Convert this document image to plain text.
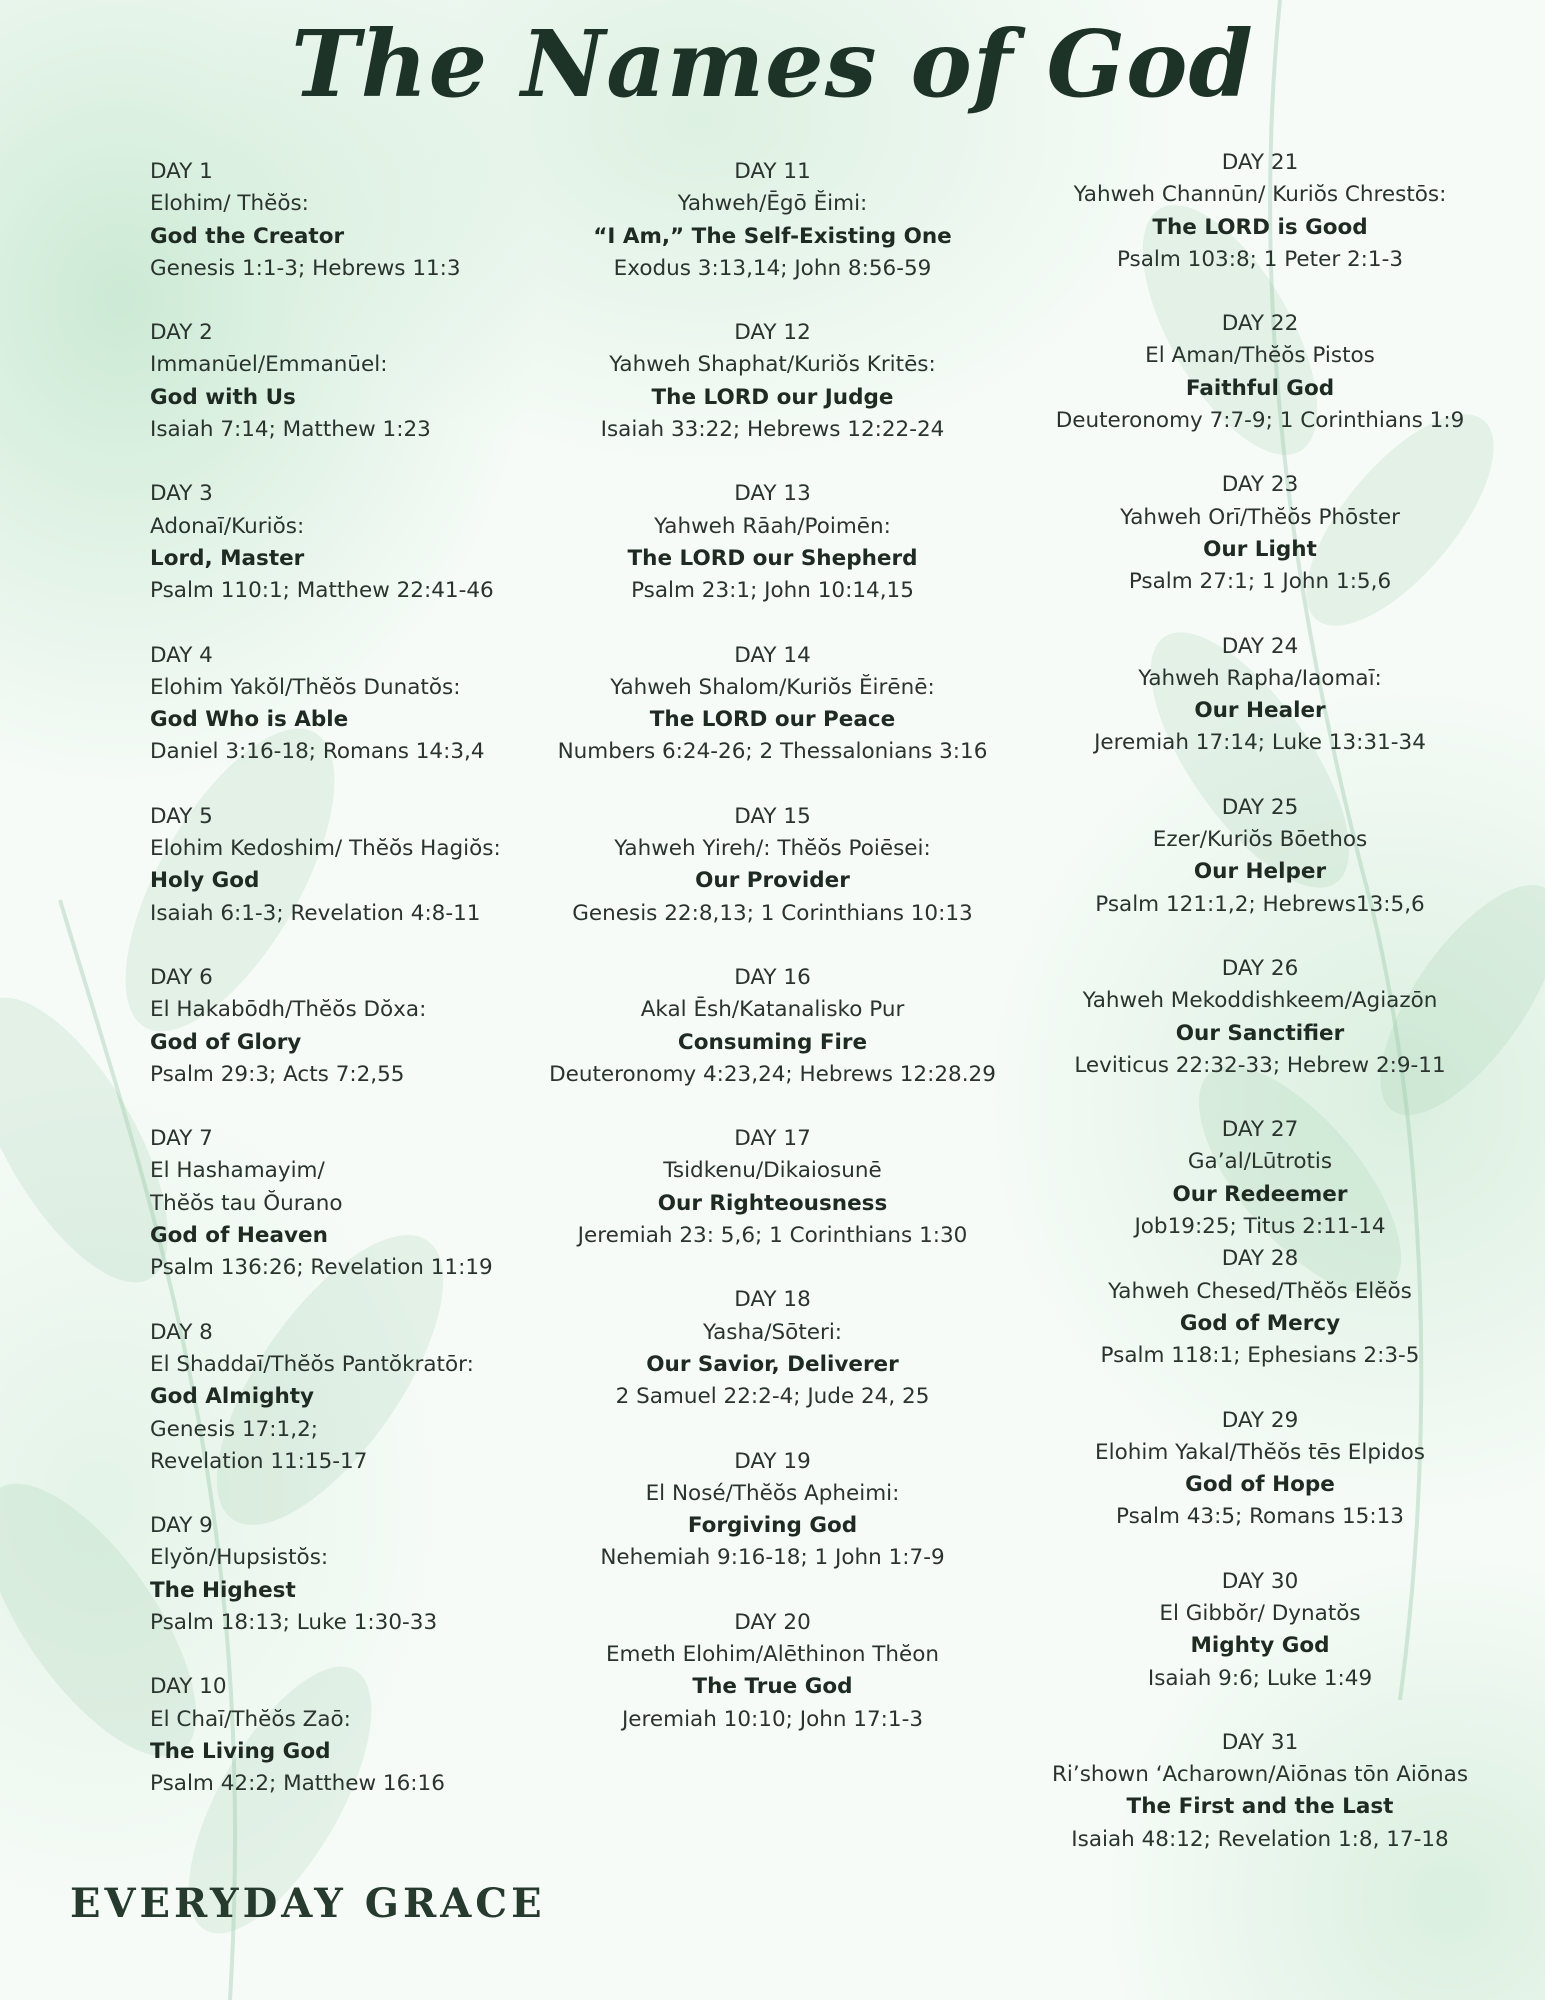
The Names of God
DAY 1
Elohim/ Thĕŏs:
God the Creator
Genesis 1:1-3; Hebrews 11:3
DAY 2
Immanūel/Emmanūel:
God with Us
Isaiah 7:14; Matthew 1:23
DAY 3
Adonaī/Kuriŏs:
Lord, Master
Psalm 110:1; Matthew 22:41-46
DAY 4
Elohim Yakŏl/Thĕŏs Dunatŏs:
God Who is Able
Daniel 3:16-18; Romans 14:3,4
DAY 5
Elohim Kedoshim/ Thĕŏs Hagiŏs:
Holy God
Isaiah 6:1-3; Revelation 4:8-11
DAY 6
El Hakabōdh/Thĕŏs Dŏxa:
God of Glory
Psalm 29:3; Acts 7:2,55
DAY 7
El Hashamayim/
Thĕŏs tau Ŏurano
God of Heaven
Psalm 136:26; Revelation 11:19
DAY 8
El Shaddaī/Thĕŏs Pantŏkratōr:
God Almighty
Genesis 17:1,2;
Revelation 11:15-17
DAY 9
Elyŏn/Hupsistŏs:
The Highest
Psalm 18:13; Luke 1:30-33
DAY 10
El Chaī/Thĕŏs Zaō:
The Living God
Psalm 42:2; Matthew 16:16
DAY 11
Yahweh/Ēgō Ĕimi:
“I Am,” The Self-Existing One
Exodus 3:13,14; John 8:56-59
DAY 12
Yahweh Shaphat/Kuriŏs Kritēs:
The LORD our Judge
Isaiah 33:22; Hebrews 12:22-24
DAY 13
Yahweh Rāah/Poimēn:
The LORD our Shepherd
Psalm 23:1; John 10:14,15
DAY 14
Yahweh Shalom/Kuriŏs Ĕirēnē:
The LORD our Peace
Numbers 6:24-26; 2 Thessalonians 3:16
DAY 15
Yahweh Yireh/: Thĕŏs Poiēsei:
Our Provider
Genesis 22:8,13; 1 Corinthians 10:13
DAY 16
Akal Ēsh/Katanalisko Pur
Consuming Fire
Deuteronomy 4:23,24; Hebrews 12:28.29
DAY 17
Tsidkenu/Dikaiosunē
Our Righteousness
Jeremiah 23: 5,6; 1 Corinthians 1:30
DAY 18
Yasha/Sōteri:
Our Savior, Deliverer
2 Samuel 22:2-4; Jude 24, 25
DAY 19
El Nosé/Thĕŏs Apheimi:
Forgiving God
Nehemiah 9:16-18; 1 John 1:7-9
DAY 20
Emeth Elohim/Alēthinon Thĕon
The True God
Jeremiah 10:10; John 17:1-3
DAY 21
Yahweh Channūn/ Kuriŏs Chrestōs:
The LORD is Good
Psalm 103:8; 1 Peter 2:1-3
DAY 22
El Aman/Thĕŏs Pistos
Faithful God
Deuteronomy 7:7-9; 1 Corinthians 1:9
DAY 23
Yahweh Orī/Thĕŏs Phōster
Our Light
Psalm 27:1; 1 John 1:5,6
DAY 24
Yahweh Rapha/Iaomaī:
Our Healer
Jeremiah 17:14; Luke 13:31-34
DAY 25
Ezer/Kuriŏs Bōethos
Our Helper
Psalm 121:1,2; Hebrews13:5,6
DAY 26
Yahweh Mekoddishkeem/Agiazōn
Our Sanctifier
Leviticus 22:32-33; Hebrew 2:9-11
DAY 27
Ga’al/Lūtrotis
Our Redeemer
Job19:25; Titus 2:11-14
DAY 28
Yahweh Chesed/Thĕŏs Elĕŏs
God of Mercy
Psalm 118:1; Ephesians 2:3-5
DAY 29
Elohim Yakal/Thĕŏs tēs Elpidos
God of Hope
Psalm 43:5; Romans 15:13
DAY 30
El Gibbŏr/ Dynatŏs
Mighty God
Isaiah 9:6; Luke 1:49
DAY 31
Ri’shown ‘Acharown/Aiōnas tōn Aiōnas
The First and the Last
Isaiah 48:12; Revelation 1:8, 17-18

EVERYDAY GRACE
